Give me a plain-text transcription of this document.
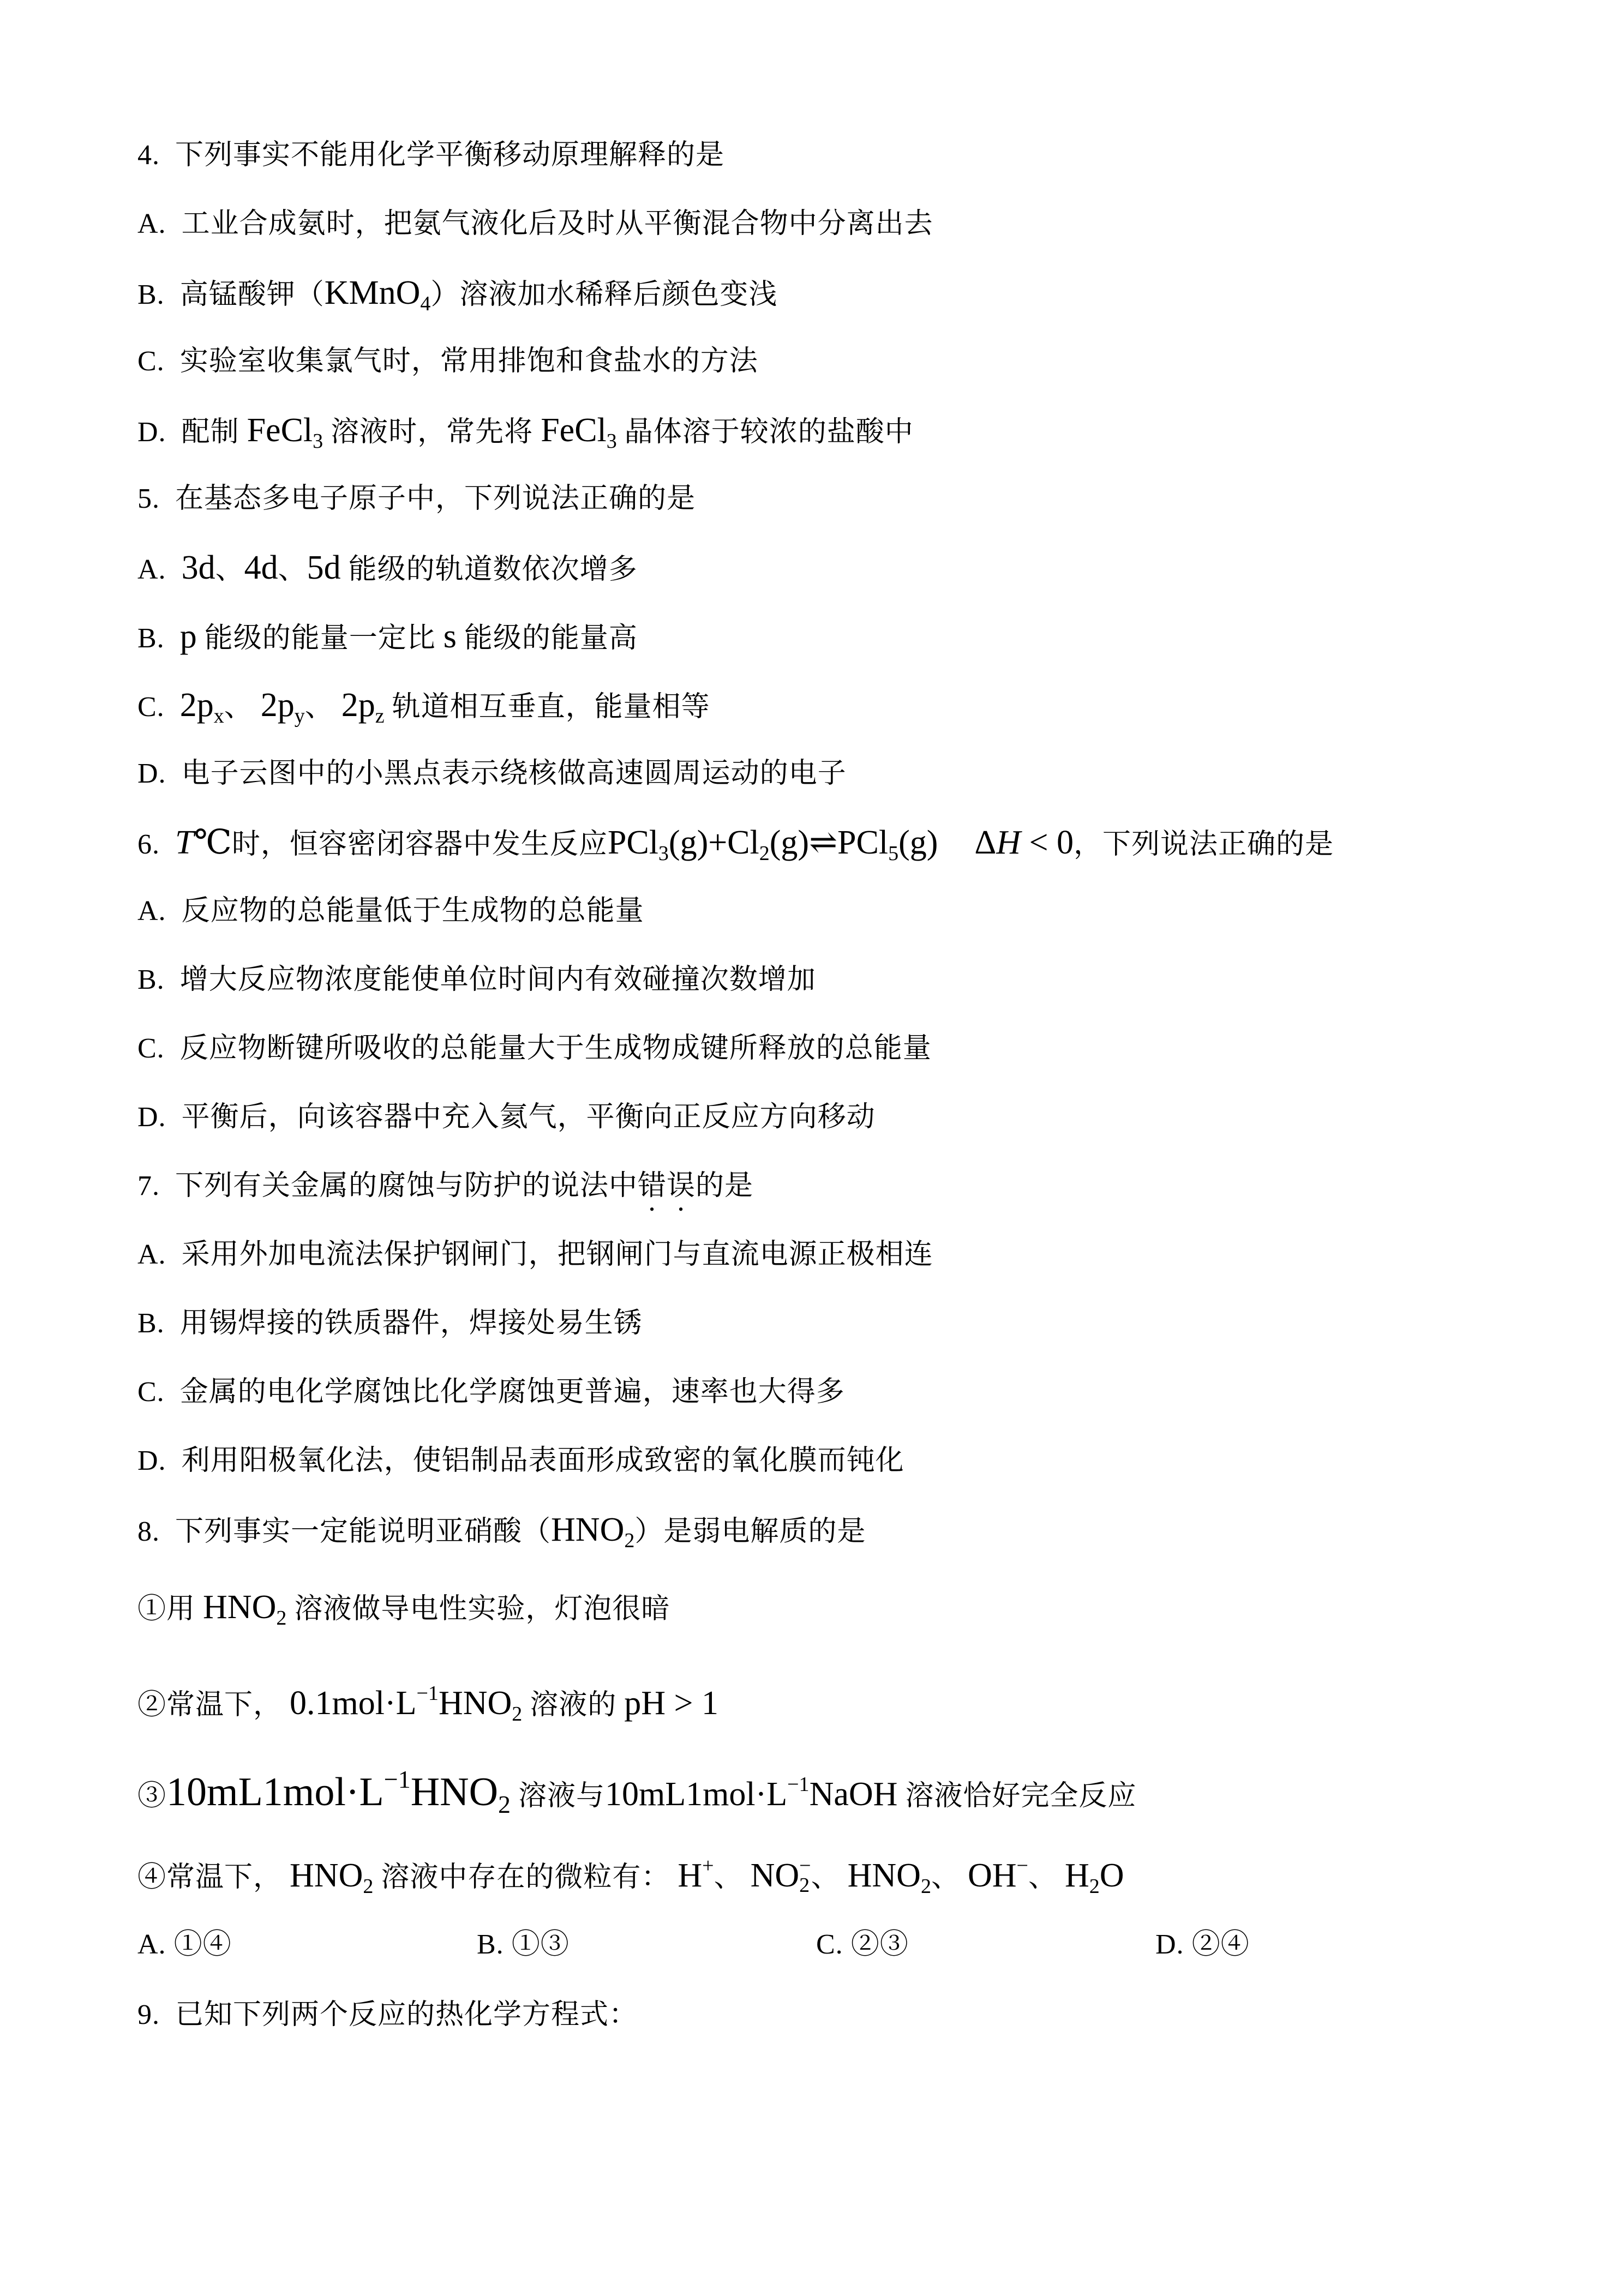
4.  下列事实不能用化学平衡移动原理解释的是
A.  工业合成氨时，把氨气液化后及时从平衡混合物中分离出去
B.  高锰酸钾（KMnO$_4$）溶液加水稀释后颜色变浅
C.  实验室收集氯气时，常用排饱和食盐水的方法
D.  配制 FeCl$_3$ 溶液时，常先将 FeCl$_3$ 晶体溶于较浓的盐酸中
5.  在基态多电子原子中，下列说法正确的是
A.  3d、4d、5d 能级的轨道数依次增多
B.  p 能级的能量一定比 s 能级的能量高
C.  $2p_x$、 $2p_y$、 $2p_z$ 轨道相互垂直，能量相等
D.  电子云图中的小黑点表示绕核做高速圆周运动的电子
6.  T℃时，恒容密闭容器中发生反应$PCl_3(g)+Cl_2(g)\rightleftharpoons PCl_5(g)$　 ΔH < 0，下列说法正确的是
A.  反应物的总能量低于生成物的总能量
B.  增大反应物浓度能使单位时间内有效碰撞次数增加
C.  反应物断键所吸收的总能量大于生成物成键所释放的总能量
D.  平衡后，向该容器中充入氦气，平衡向正反应方向移动
7.  下列有关金属的腐蚀与防护的说法中错误的是
A.  采用外加电流法保护钢闸门，把钢闸门与直流电源正极相连
B.  用锡焊接的铁质器件，焊接处易生锈
C.  金属的电化学腐蚀比化学腐蚀更普遍，速率也大得多
D.  利用阳极氧化法，使铝制品表面形成致密的氧化膜而钝化
8.  下列事实一定能说明亚硝酸$(HNO_2)$是弱电解质的是
①用 $HNO_2$ 溶液做导电性实验，灯泡很暗
②常温下， $0.1mol\cdot L^{-1}HNO_2$ 溶液的 pH > 1
③10mL1mol·L−1HNO2 溶液与$10mL1mol\cdot L^{-1}NaOH$ 溶液恰好完全反应
④常温下， $HNO_2$ 溶液中存在的微粒有： H+、 NO −
2 、 $HNO_2$、 OH−、 $H_2O$
A. ①④	B. ①③	C. ②③	D. ②④
9.  已知下列两个反应的热化学方程式：
